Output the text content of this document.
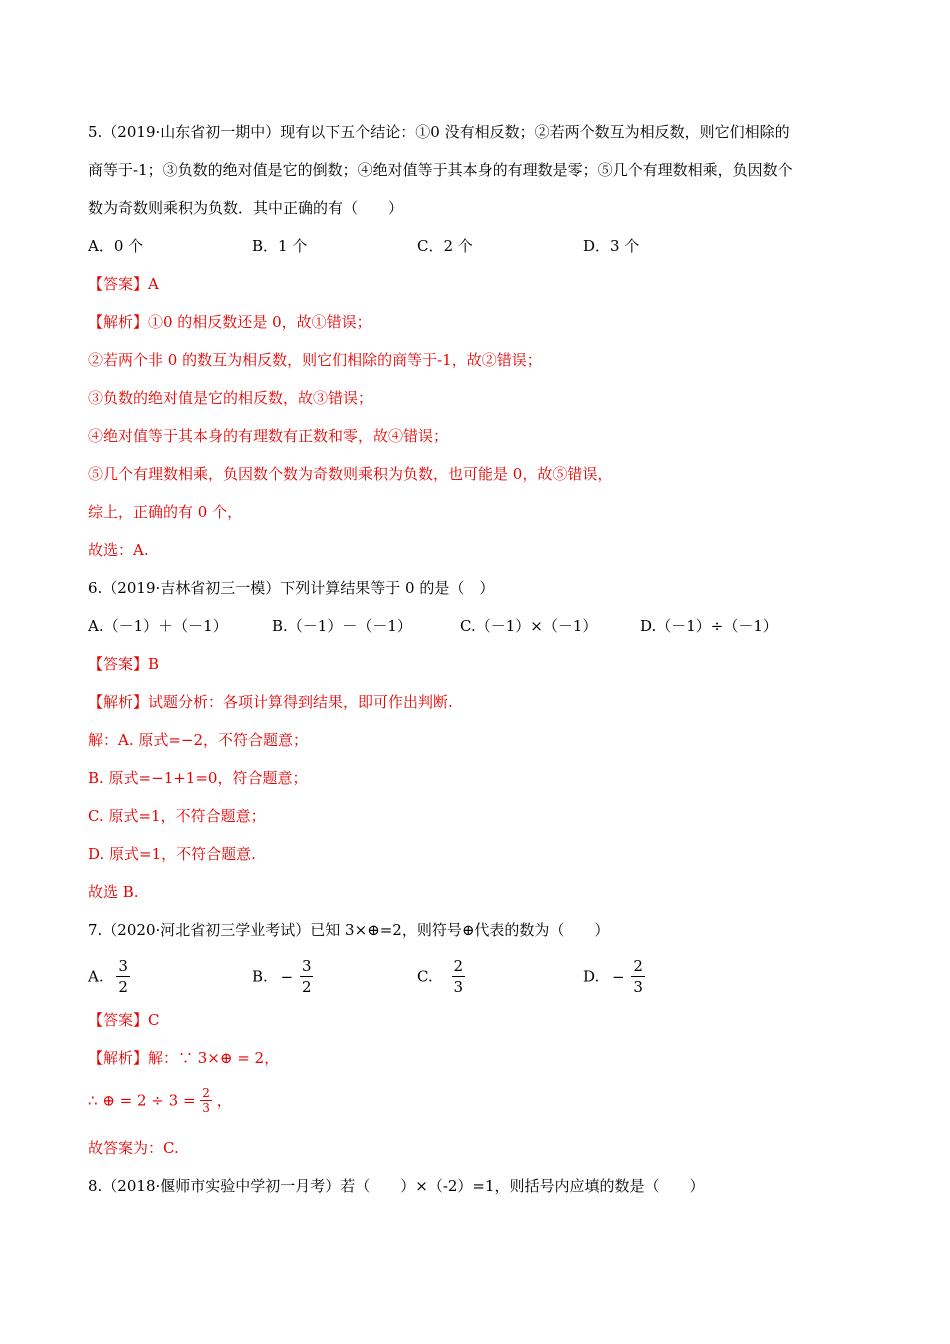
5.（2019·山东省初一期中）现有以下五个结论：①0 没有相反数；②若两个数互为相反数，则它们相除的
商等于-1；③负数的绝对值是它的倒数；④绝对值等于其本身的有理数是零；⑤几个有理数相乘，负因数个
数为奇数则乘积为负数．其中正确的有（　　）
A．0 个	B．1 个	C．2 个	D．3 个
【答案】A
【解析】①0 的相反数还是 0，故①错误；
②若两个非 0 的数互为相反数，则它们相除的商等于-1，故②错误；
③负数的绝对值是它的相反数，故③错误；
④绝对值等于其本身的有理数有正数和零，故④错误；
⑤几个有理数相乘，负因数个数为奇数则乘积为负数，也可能是 0，故⑤错误，
综上，正确的有 0 个，
故选：A.
6.（2019·吉林省初三一模）下列计算结果等于 0 的是（　）
A.（－1）＋（－1）	B.（－1）－（－1）	C.（－1）×（－1）	D.（－1）÷（－1）
【答案】B
【解析】试题分析：各项计算得到结果，即可作出判断.
解：A. 原式=−2，不符合题意；
B. 原式=−1+1=0，符合题意；
C. 原式=1，不符合题意；
D. 原式=1，不符合题意.
故选 B.
7.（2020·河北省初三学业考试）已知 3×⊕=2，则符号⊕代表的数为（　　）
A. $\frac{3}{2}$	B. − $\frac{3}{2}$	C. $\frac{2}{3}$	D. − $\frac{2}{3}$
【答案】C
【解析】解：∵ 3×⊕ = 2，
∴ ⊕ = $2 \div 3 = \frac{2}{3}$ ，
故答案为：C.
8.（2018·偃师市实验中学初一月考）若（　　）×（-2）=1，则括号内应填的数是（　　）
